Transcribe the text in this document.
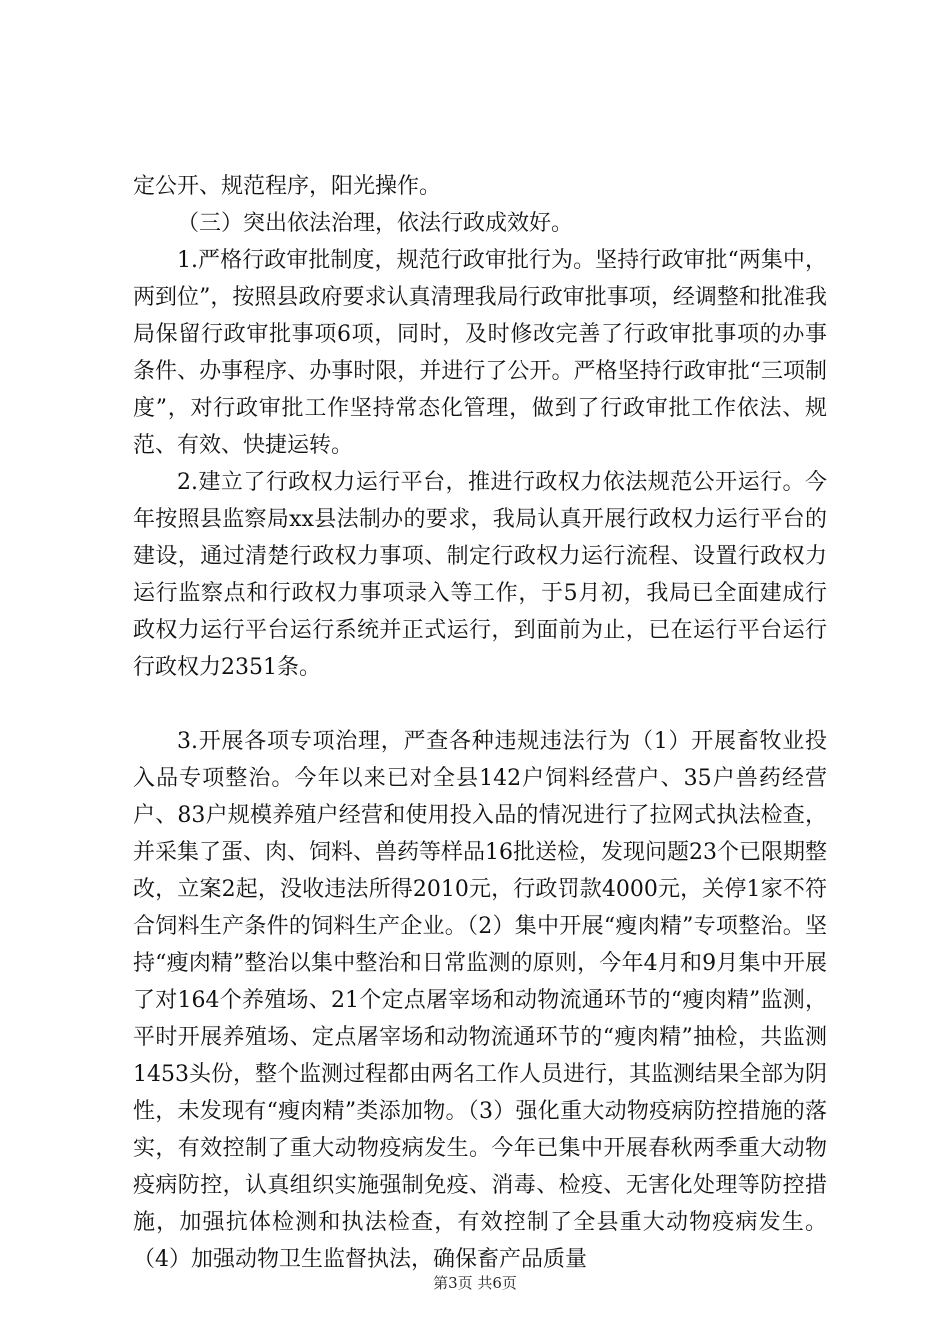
定公开、规范程序，阳光操作。

（三）突出依法治理，依法行政成效好。

1.严格行政审批制度，规范行政审批行为。坚持行政审批“两集中，两到位”，按照县政府要求认真清理我局行政审批事项，经调整和批准我局保留行政审批事项6项，同时，及时修改完善了行政审批事项的办事条件、办事程序、办事时限，并进行了公开。严格坚持行政审批“三项制度”，对行政审批工作坚持常态化管理，做到了行政审批工作依法、规范、有效、快捷运转。

2.建立了行政权力运行平台，推进行政权力依法规范公开运行。今年按照县监察局xx县法制办的要求，我局认真开展行政权力运行平台的建设，通过清楚行政权力事项、制定行政权力运行流程、设置行政权力运行监察点和行政权力事项录入等工作，于5月初，我局已全面建成行政权力运行平台运行系统并正式运行，到面前为止，已在运行平台运行行政权力2351条。

3.开展各项专项治理，严查各种违规违法行为（1）开展畜牧业投入品专项整治。今年以来已对全县142户饲料经营户、35户兽药经营户、83户规模养殖户经营和使用投入品的情况进行了拉网式执法检查，并采集了蛋、肉、饲料、兽药等样品16批送检，发现问题23个已限期整改，立案2起，没收违法所得2010元，行政罚款4000元，关停1家不符合饲料生产条件的饲料生产企业。（2）集中开展“瘦肉精”专项整治。坚持“瘦肉精”整治以集中整治和日常监测的原则，今年4月和9月集中开展了对164个养殖场、21个定点屠宰场和动物流通环节的“瘦肉精”监测，平时开展养殖场、定点屠宰场和动物流通环节的“瘦肉精”抽检，共监测1453头份，整个监测过程都由两名工作人员进行，其监测结果全部为阴性，未发现有“瘦肉精”类添加物。（3）强化重大动物疫病防控措施的落实，有效控制了重大动物疫病发生。今年已集中开展春秋两季重大动物疫病防控，认真组织实施强制免疫、消毒、检疫、无害化处理等防控措施，加强抗体检测和执法检查，有效控制了全县重大动物疫病发生。（4）加强动物卫生监督执法，确保畜产品质量

第3页 共6页
